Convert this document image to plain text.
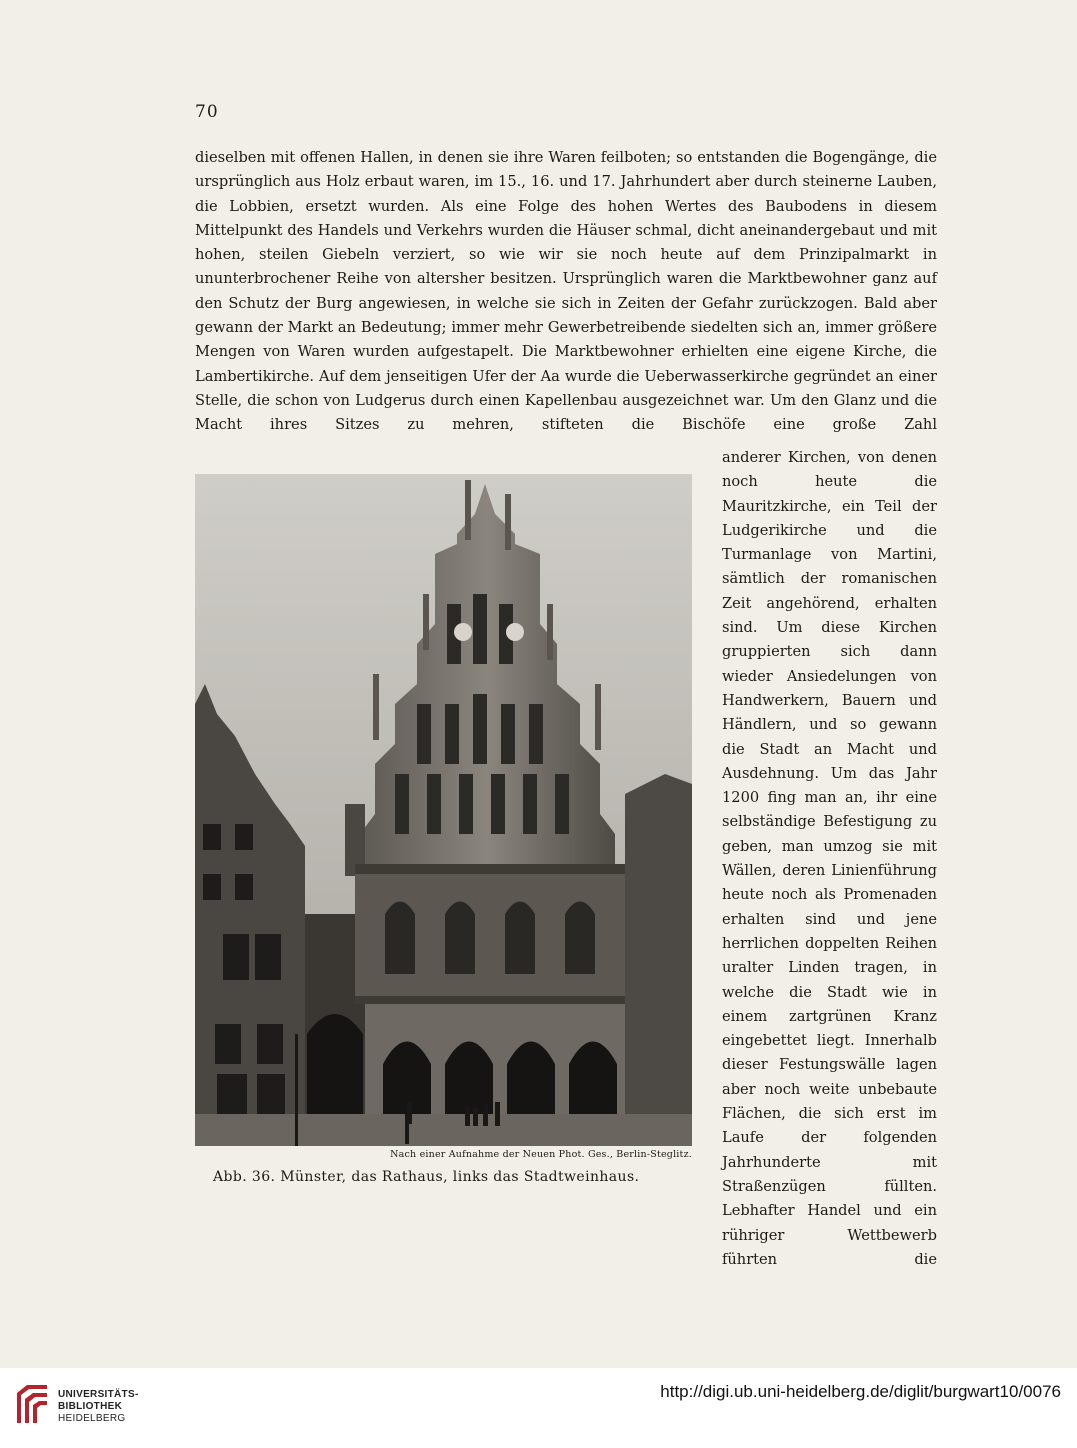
70

dieselben mit offenen Hallen, in denen sie ihre Waren feilboten; so entstanden die Bogengänge, die ursprünglich aus Holz erbaut waren, im 15., 16. und 17. Jahrhundert aber durch steinerne Lauben, die Lobbien, ersetzt wurden. Als eine Folge des hohen Wertes des Baubodens in diesem Mittelpunkt des Handels und Verkehrs wurden die Häuser schmal, dicht aneinandergebaut und mit hohen, steilen Giebeln verziert, so wie wir sie noch heute auf dem Prinzipalmarkt in ununterbrochener Reihe von altersher besitzen. Ursprünglich waren die Marktbewohner ganz auf den Schutz der Burg angewiesen, in welche sie sich in Zeiten der Gefahr zurückzogen. Bald aber gewann der Markt an Bedeutung; immer mehr Gewerbetreibende siedelten sich an, immer größere Mengen von Waren wurden aufgestapelt. Die Marktbewohner erhielten eine eigene Kirche, die Lambertikirche. Auf dem jenseitigen Ufer der Aa wurde die Ueberwasserkirche gegründet an einer Stelle, die schon von Ludgerus durch einen Kapellenbau ausgezeichnet war. Um den Glanz und die Macht ihres Sitzes zu mehren, stifteten die Bischöfe eine große Zahl

Nach einer Aufnahme der Neuen Phot. Ges., Berlin-Steglitz.
Abb. 36. Münster, das Rathaus, links das Stadtweinhaus.

anderer Kirchen, von denen noch heute die Mauritzkirche, ein Teil der Ludgerikirche und die Turmanlage von Martini, sämtlich der romanischen Zeit angehörend, erhalten sind. Um diese Kirchen gruppierten sich dann wieder Ansiedelungen von Handwerkern, Bauern und Händlern, und so gewann die Stadt an Macht und Ausdehnung. Um das Jahr 1200 fing man an, ihr eine selbständige Befestigung zu geben, man umzog sie mit Wällen, deren Linienführung heute noch als Promenaden erhalten sind und jene herrlichen doppelten Reihen uralter Linden tragen, in welche die Stadt wie in einem zartgrünen Kranz eingebettet liegt. Innerhalb dieser Festungswälle lagen aber noch weite unbebaute Flächen, die sich erst im Laufe der folgenden Jahrhunderte mit Straßenzügen füllten. Lebhafter Handel und ein rühriger Wettbewerb führten die

UNIVERSITÄTS-
BIBLIOTHEK
HEIDELBERG
http://digi.ub.uni-heidelberg.de/diglit/burgwart10/0076
